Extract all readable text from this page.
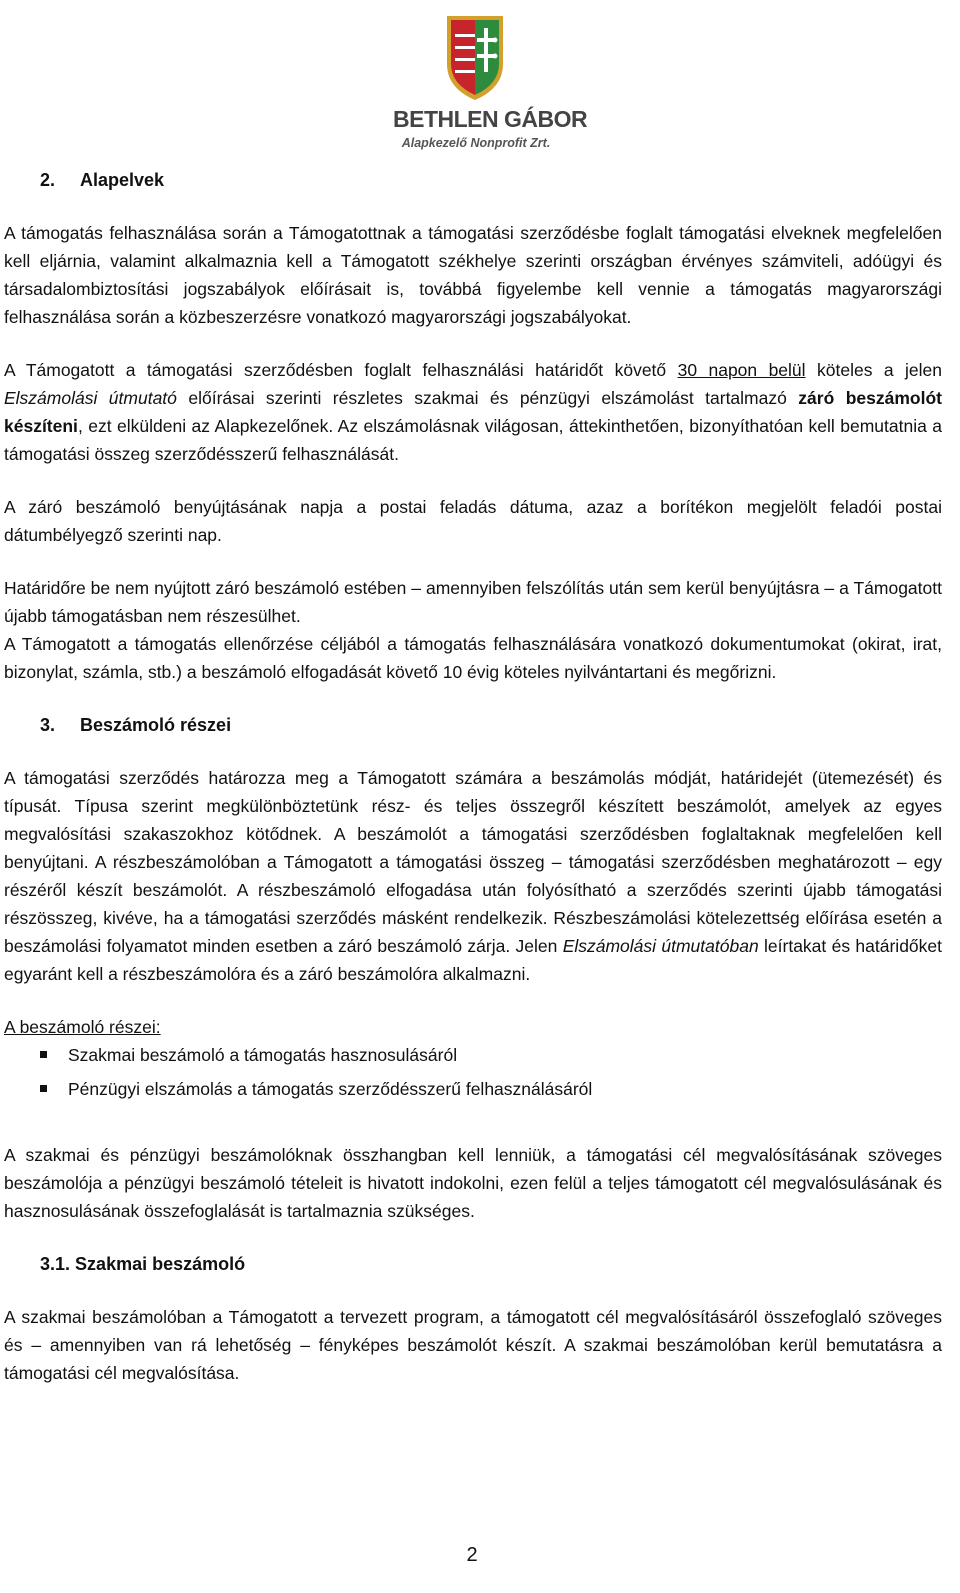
BETHLEN GÁBOR
Alapkezelő Nonprofit Zrt.
2. Alapelvek

A támogatás felhasználása során a Támogatottnak a támogatási szerződésbe foglalt támogatási elveknek megfelelően kell eljárnia, valamint alkalmaznia kell a Támogatott székhelye szerinti országban érvényes számviteli, adóügyi és társadalombiztosítási jogszabályok előírásait is, továbbá figyelembe kell vennie a támogatás magyarországi felhasználása során a közbeszerzésre vonatkozó magyarországi jogszabályokat.

A Támogatott a támogatási szerződésben foglalt felhasználási határidőt követő 30 napon belül köteles a jelen Elszámolási útmutató előírásai szerinti részletes szakmai és pénzügyi elszámolást tartalmazó záró beszámolót készíteni, ezt elküldeni az Alapkezelőnek. Az elszámolásnak világosan, áttekinthetően, bizonyíthatóan kell bemutatnia a támogatási összeg szerződésszerű felhasználását.

A záró beszámoló benyújtásának napja a postai feladás dátuma, azaz a borítékon megjelölt feladói postai dátumbélyegző szerinti nap.

Határidőre be nem nyújtott záró beszámoló estében – amennyiben felszólítás után sem kerül benyújtásra – a Támogatott újabb támogatásban nem részesülhet.

A Támogatott a támogatás ellenőrzése céljából a támogatás felhasználására vonatkozó dokumentumokat (okirat, irat, bizonylat, számla, stb.) a beszámoló elfogadását követő 10 évig köteles nyilvántartani és megőrizni.

3. Beszámoló részei

A támogatási szerződés határozza meg a Támogatott számára a beszámolás módját, határidejét (ütemezését) és típusát. Típusa szerint megkülönböztetünk rész- és teljes összegről készített beszámolót, amelyek az egyes megvalósítási szakaszokhoz kötődnek. A beszámolót a támogatási szerződésben foglaltaknak megfelelően kell benyújtani. A részbeszámolóban a Támogatott a támogatási összeg – támogatási szerződésben meghatározott – egy részéről készít beszámolót. A részbeszámoló elfogadása után folyósítható a szerződés szerinti újabb támogatási részösszeg, kivéve, ha a támogatási szerződés másként rendelkezik. Részbeszámolási kötelezettség előírása esetén a beszámolási folyamatot minden esetben a záró beszámoló zárja. Jelen Elszámolási útmutatóban leírtakat és határidőket egyaránt kell a részbeszámolóra és a záró beszámolóra alkalmazni.

A beszámoló részei:

Szakmai beszámoló a támogatás hasznosulásáról
Pénzügyi elszámolás a támogatás szerződésszerű felhasználásáról

A szakmai és pénzügyi beszámolóknak összhangban kell lenniük, a támogatási cél megvalósításának szöveges beszámolója a pénzügyi beszámoló tételeit is hivatott indokolni, ezen felül a teljes támogatott cél megvalósulásának és hasznosulásának összefoglalását is tartalmaznia szükséges.

3.1. Szakmai beszámoló

A szakmai beszámolóban a Támogatott a tervezett program, a támogatott cél megvalósításáról összefoglaló szöveges és – amennyiben van rá lehetőség – fényképes beszámolót készít. A szakmai beszámolóban kerül bemutatásra a támogatási cél megvalósítása.

2
